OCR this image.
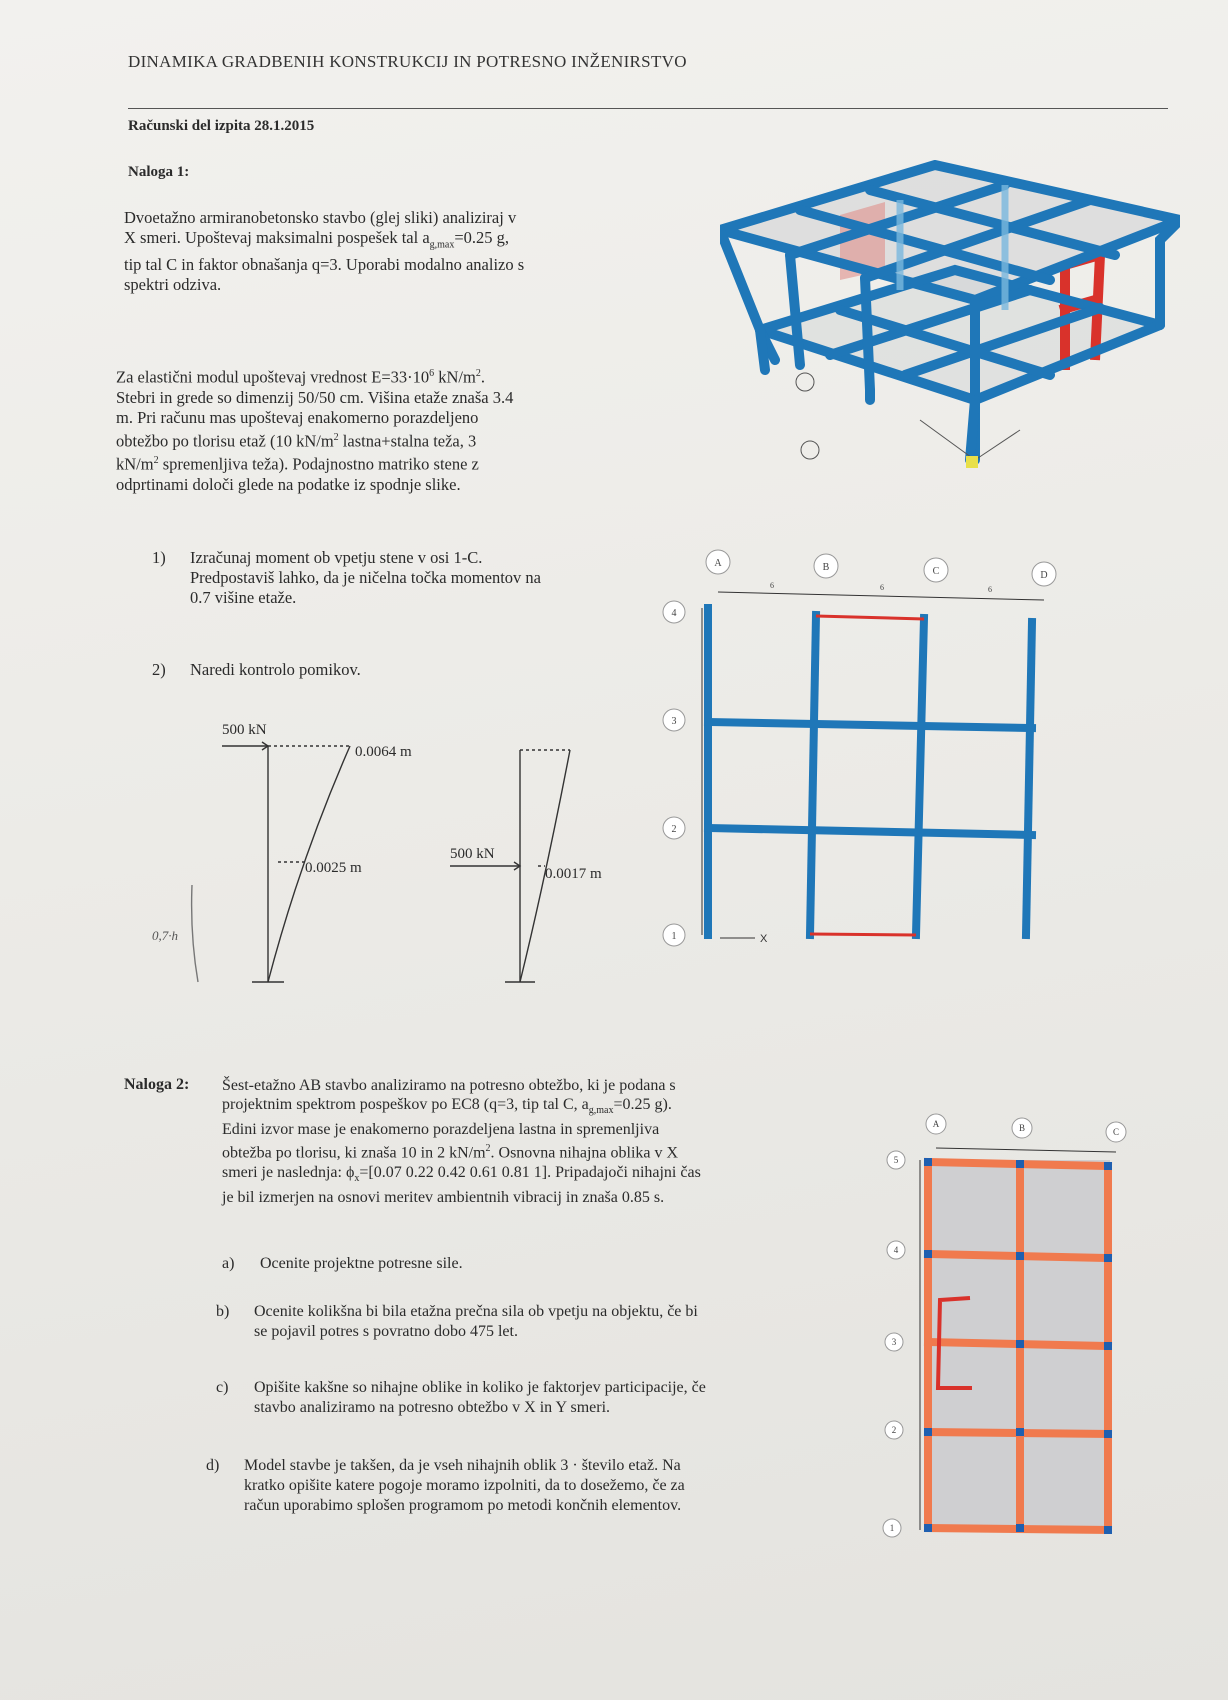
DINAMIKA GRADBENIH KONSTRUKCIJ IN POTRESNO INŽENIRSTVO
Računski del izpita 28.1.2015
Naloga 1:
Dvoetažno armiranobetonsko stavbo (glej sliki) analiziraj v
X smeri. Upoštevaj maksimalni pospešek tal $a_{g,max}=0.25$ g,
tip tal C in faktor obnašanja q=3. Uporabi modalno analizo s
spektri odziva.
Za elastični modul upoštevaj vrednost $E=33\cdot 10^6$ $kN/m^2$.
Stebri in grede so dimenzij 50/50 cm. Višina etaže znaša 3.4
m. Pri računu mas upoštevaj enakomerno porazdeljeno
obtežbo po tlorisu etaž (10 $kN/m^2$ lastna+stalna teža, 3
$kN/m^2$ spremenljiva teža). Podajnostno matriko stene z
odprtinami določi glede na podatke iz spodnje slike.
1) Izračunaj moment ob vpetju stene v osi 1-C.
Predpostaviš lahko, da je ničelna točka momentov na
0.7 višine etaže.
2) Naredi kontrolo pomikov.
A	B	C	D
4
3
2
1
6	6	6
X
500 kN
0.0064 m
0.0025 m
500 kN
0.0017 m
0,7·h
Naloga 2: Šest-etažno AB stavbo analiziramo na potresno obtežbo, ki je podana s
projektnim spektrom pospeškov po EC8 (q=3, tip tal C, $a_{g,max}=0.25$ g).
Edini izvor mase je enakomerno porazdeljena lastna in spremenljiva
obtežba po tlorisu, ki znaša 10 in 2 $kN/m^2$. Osnovna nihajna oblika v X
smeri je naslednja: $\phi_x=[0.07$ 0.22 0.42 0.61 0.81 1]. Pripadajoči nihajni čas
je bil izmerjen na osnovi meritev ambientnih vibracij in znaša 0.85 s.
a) Ocenite projektne potresne sile.
b) Ocenite kolikšna bi bila etažna prečna sila ob vpetju na objektu, če bi
se pojavil potres s povratno dobo 475 let.
c) Opišite kakšne so nihajne oblike in koliko je faktorjev participacije, če
stavbo analiziramo na potresno obtežbo v X in Y smeri.
d) Model stavbe je takšen, da je vseh nihajnih oblik 3 · število etaž. Na
kratko opišite katere pogoje moramo izpolniti, da to dosežemo, če za
račun uporabimo splošen programom po metodi končnih elementov.
A	B	C
5
4
3
2
1
